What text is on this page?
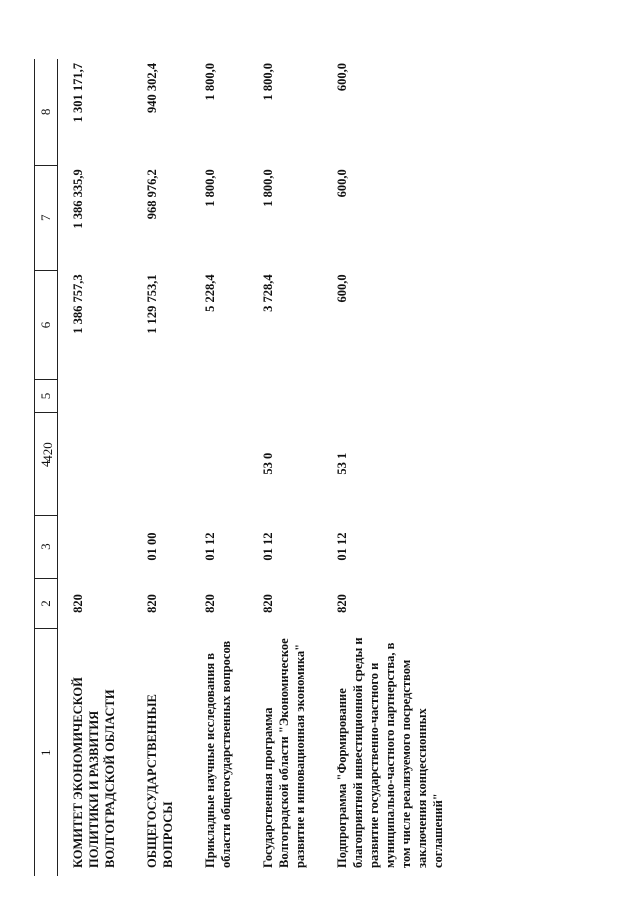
420
1	2	3	4	5	6	7	8
КОМИТЕТ ЭКОНОМИЧЕСКОЙ ПОЛИТИКИ И РАЗВИТИЯ ВОЛГОГРАДСКОЙ ОБЛАСТИ	820				1 386 757,3	1 386 335,9	1 301 171,7
ОБЩЕГОСУДАРСТВЕННЫЕ ВОПРОСЫ	820	01 00			1 129 753,1	968 976,2	940 302,4
Прикладные научные исследования в области общегосударственных вопросов	820	01 12			5 228,4	1 800,0	1 800,0
Государственная программа Волгоградской области "Экономическое развитие и инновационная экономика"	820	01 12	53 0		3 728,4	1 800,0	1 800,0
Подпрограмма "Формирование благоприятной инвестиционной среды и развитие государственно-частного и муниципально-частного партнерства, в том числе реализуемого посредством заключения концессионных соглашений"	820	01 12	53 1		600,0	600,0	600,0
